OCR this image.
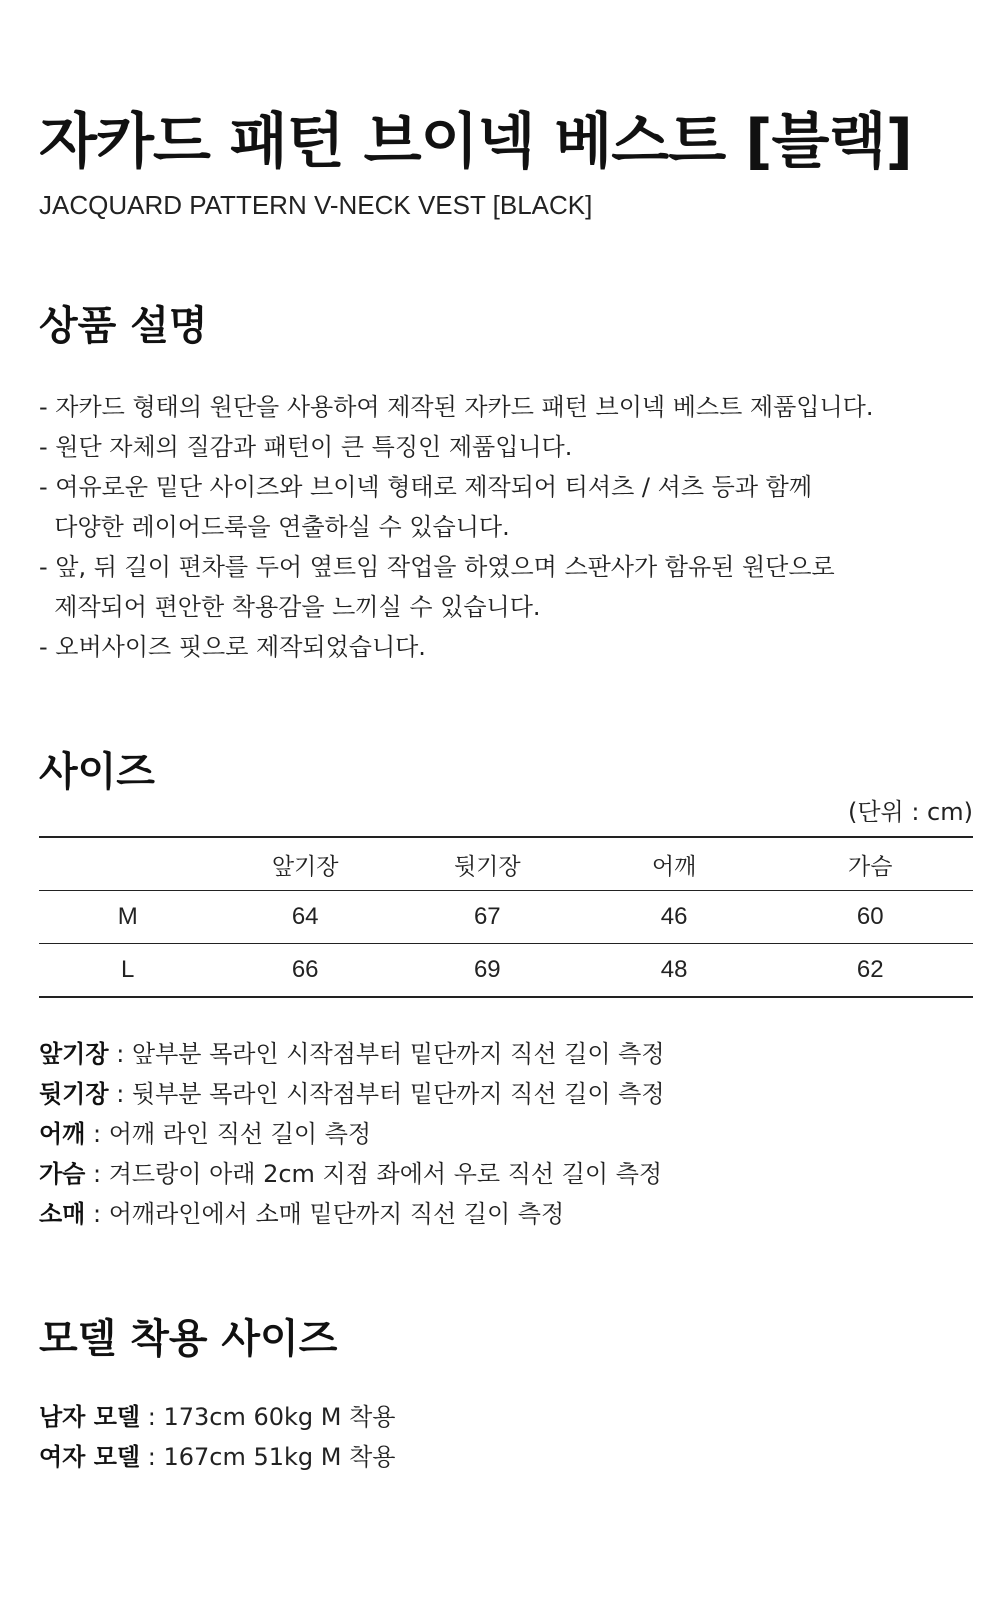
자카드 패턴 브이넥 베스트 [블랙]
JACQUARD PATTERN V-NECK VEST [BLACK]
상품 설명
- 자카드 형태의 원단을 사용하여 제작된 자카드 패턴 브이넥 베스트 제품입니다.
- 원단 자체의 질감과 패턴이 큰 특징인 제품입니다.
- 여유로운 밑단 사이즈와 브이넥 형태로 제작되어 티셔츠 / 셔츠 등과 함께
다양한 레이어드룩을 연출하실 수 있습니다.
- 앞, 뒤 길이 편차를 두어 옆트임 작업을 하였으며 스판사가 함유된 원단으로
제작되어 편안한 착용감을 느끼실 수 있습니다.
- 오버사이즈 핏으로 제작되었습니다.
사이즈
(단위 : cm)
	앞기장	뒷기장	어깨	가슴
M	64	67	46	60
L	66	69	48	62
앞기장 : 앞부분 목라인 시작점부터 밑단까지 직선 길이 측정
뒷기장 : 뒷부분 목라인 시작점부터 밑단까지 직선 길이 측정
어깨 : 어깨 라인 직선 길이 측정
가슴 : 겨드랑이 아래 2cm 지점 좌에서 우로 직선 길이 측정
소매 : 어깨라인에서 소매 밑단까지 직선 길이 측정
모델 착용 사이즈
남자 모델 : 173cm 60kg M 착용
여자 모델 : 167cm 51kg M 착용
